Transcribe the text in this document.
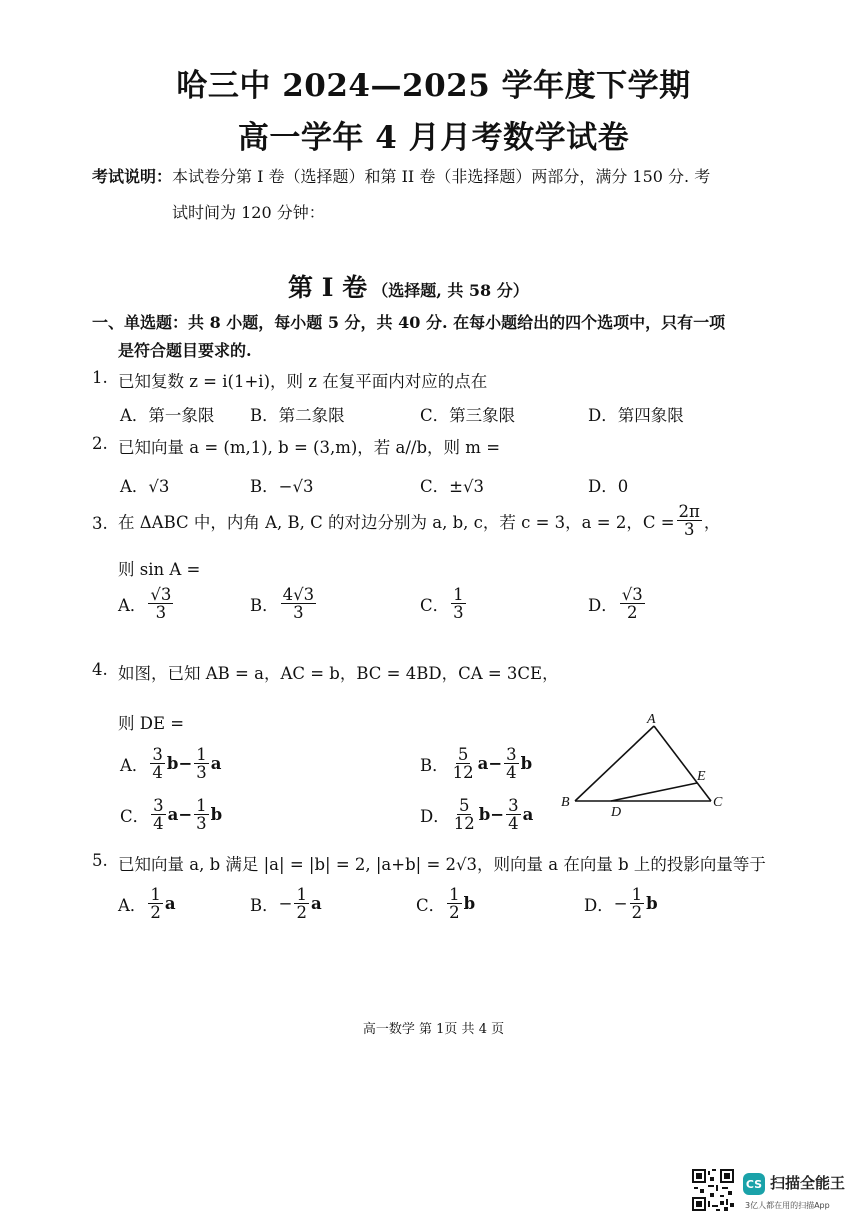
哈三中 2024—2025 学年度下学期
高一学年 4 月月考数学试卷
考试说明：本试卷分第 I 卷（选择题）和第 II 卷（非选择题）两部分，满分 150 分. 考
试时间为 120 分钟：
第 I 卷 （选择题, 共 58 分）
一、单选题：共 8 小题，每小题 5 分，共 40 分. 在每小题给出的四个选项中，只有一项
是符合题目要求的.
1. 已知复数 z = i(1+i)，则 z 在复平面内对应的点在
A．第一象限 B．第二象限	C．第三象限	D．第四象限
2. 已知向量 a = (m,1), b = (3,m)，若 a//b，则 m =
A．√3	B．−√3	C．±√3	D．0
3. 在 ΔABC 中，内角 A, B, C 的对边分别为 a, b, c，若 c = 3，a = 2，$C = \frac{2\pi}{3}$ ，
则 sin A =
A． $\frac{√3}{3}$	B． $\frac{4√3}{3}$	C． $\frac{1}{3}$	D． $\frac{√3}{2}$
4. 如图，已知 AB = a，AC = b，BC = 4BD，CA = 3CE，
则 DE =
A． $\frac{3}{4} b- \frac{1}{3}$ a	B． $\frac{5}{12} a- \frac{3}{4}$ b
C． $\frac{3}{4} a- \frac{1}{3}$ b	D． $\frac{5}{12} b- \frac{3}{4}$ a
A
B	C
D
E
5. 已知向量 a, b 满足 |a| = |b| = 2, |a+b| = 2√3，则向量 a 在向量 b 上的投影向量等于
A． $\frac{1}{2}$ a	B． − $\frac{1}{2}$ a	C． $\frac{1}{2}$ b	D． − $\frac{1}{2}$ b
高一数学 第 1页 共 4 页
CS 扫描全能王
3亿人都在用的扫描App
